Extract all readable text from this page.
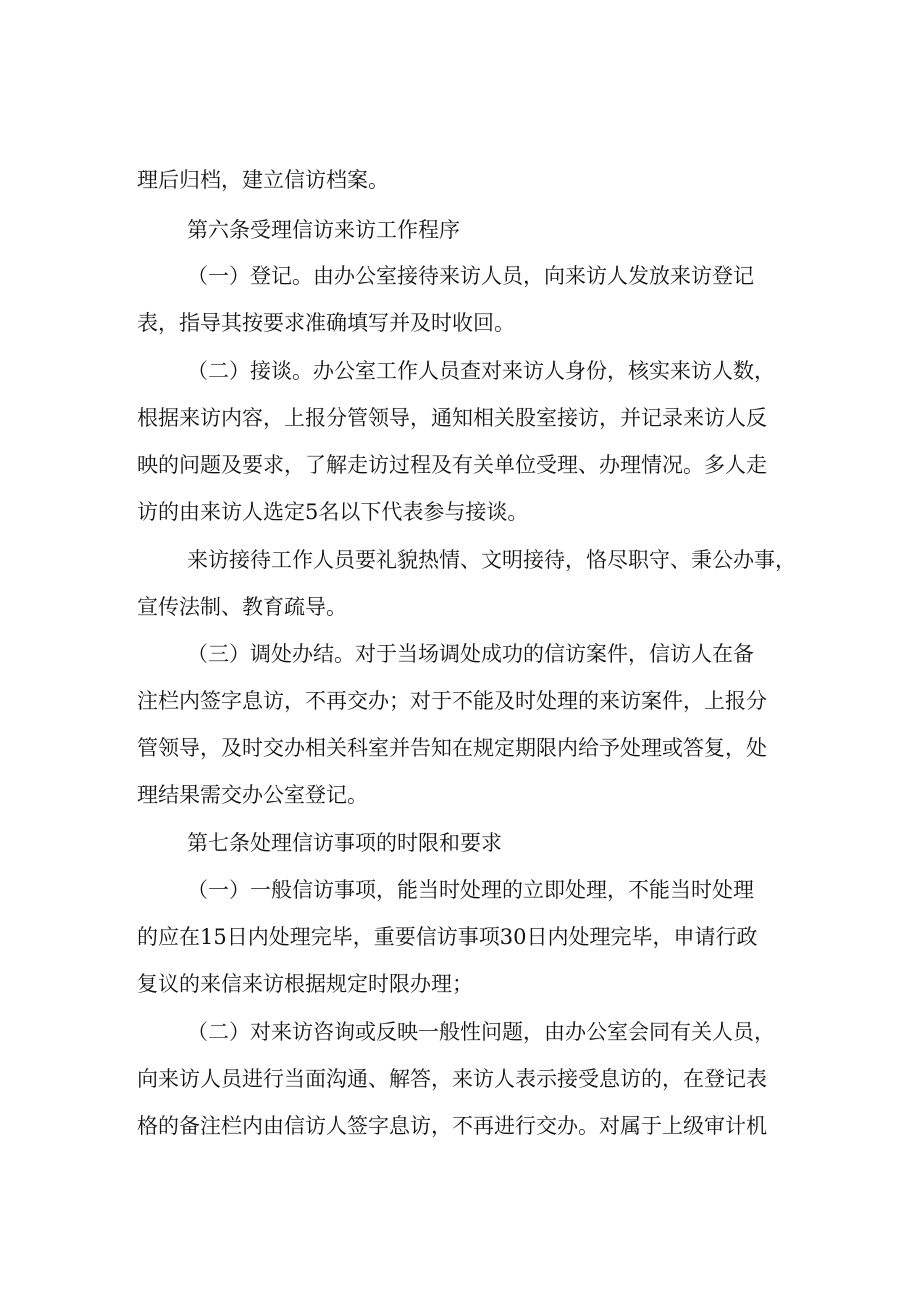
理后归档，建立信访档案。
第六条受理信访来访工作程序
（一）登记。由办公室接待来访人员，向来访人发放来访登记
表，指导其按要求准确填写并及时收回。
（二）接谈。办公室工作人员查对来访人身份，核实来访人数，
根据来访内容，上报分管领导，通知相关股室接访，并记录来访人反
映的问题及要求，了解走访过程及有关单位受理、办理情况。多人走
访的由来访人选定5名以下代表参与接谈。
来访接待工作人员要礼貌热情、文明接待，恪尽职守、秉公办事，
宣传法制、教育疏导。
（三）调处办结。对于当场调处成功的信访案件，信访人在备
注栏内签字息访，不再交办；对于不能及时处理的来访案件，上报分
管领导，及时交办相关科室并告知在规定期限内给予处理或答复，处
理结果需交办公室登记。
第七条处理信访事项的时限和要求
（一）一般信访事项，能当时处理的立即处理，不能当时处理
的应在15日内处理完毕，重要信访事项30日内处理完毕，申请行政
复议的来信来访根据规定时限办理；
（二）对来访咨询或反映一般性问题，由办公室会同有关人员，
向来访人员进行当面沟通、解答，来访人表示接受息访的，在登记表
格的备注栏内由信访人签字息访，不再进行交办。对属于上级审计机
